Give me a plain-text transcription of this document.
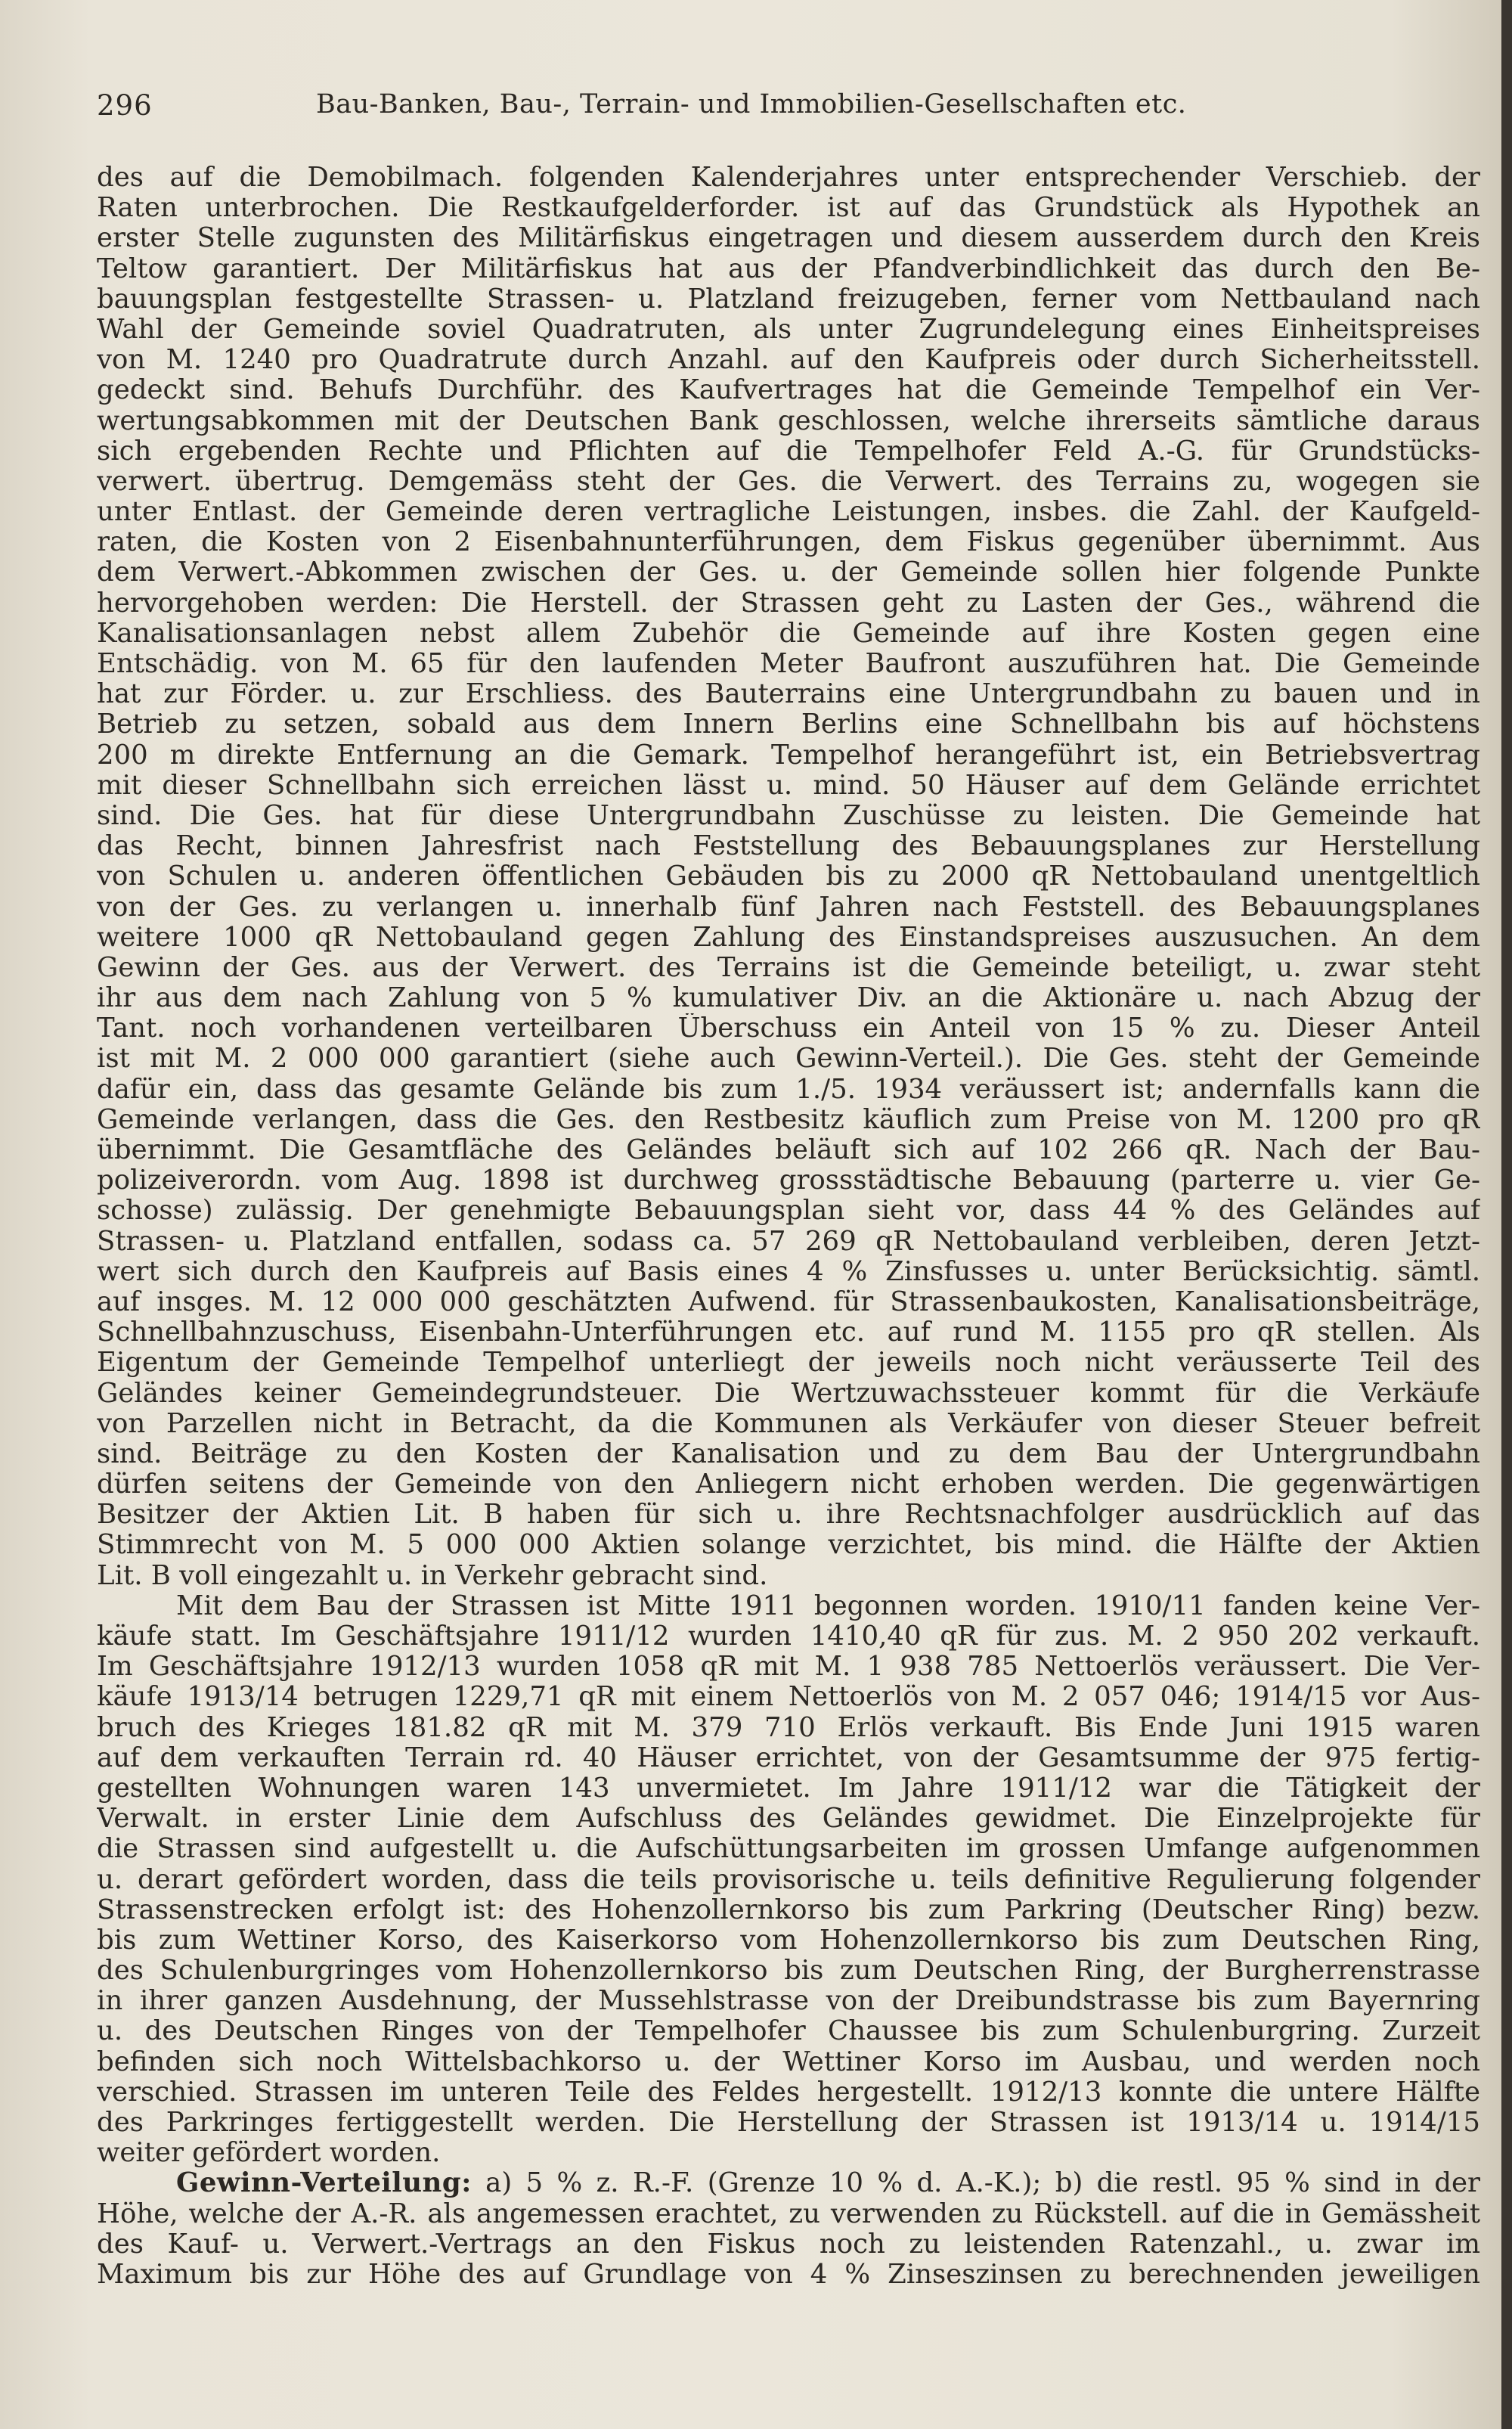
296	Bau-Banken, Bau-, Terrain- und Immobilien-Gesellschaften etc.
des auf die Demobilmach. folgenden Kalenderjahres unter entsprechender Verschieb. der
Raten unterbrochen. Die Restkaufgelderforder. ist auf das Grundstück als Hypothek an
erster Stelle zugunsten des Militärfiskus eingetragen und diesem ausserdem durch den Kreis
Teltow garantiert. Der Militärfiskus hat aus der Pfandverbindlichkeit das durch den Be-
bauungsplan festgestellte Strassen- u. Platzland freizugeben, ferner vom Nettbauland nach
Wahl der Gemeinde soviel Quadratruten, als unter Zugrundelegung eines Einheitspreises
von M. 1240 pro Quadratrute durch Anzahl. auf den Kaufpreis oder durch Sicherheitsstell.
gedeckt sind. Behufs Durchführ. des Kaufvertrages hat die Gemeinde Tempelhof ein Ver-
wertungsabkommen mit der Deutschen Bank geschlossen, welche ihrerseits sämtliche daraus
sich ergebenden Rechte und Pflichten auf die Tempelhofer Feld A.-G. für Grundstücks-
verwert. übertrug. Demgemäss steht der Ges. die Verwert. des Terrains zu, wogegen sie
unter Entlast. der Gemeinde deren vertragliche Leistungen, insbes. die Zahl. der Kaufgeld-
raten, die Kosten von 2 Eisenbahnunterführungen, dem Fiskus gegenüber übernimmt. Aus
dem Verwert.-Abkommen zwischen der Ges. u. der Gemeinde sollen hier folgende Punkte
hervorgehoben werden: Die Herstell. der Strassen geht zu Lasten der Ges., während die
Kanalisationsanlagen nebst allem Zubehör die Gemeinde auf ihre Kosten gegen eine
Entschädig. von M. 65 für den laufenden Meter Baufront auszuführen hat. Die Gemeinde
hat zur Förder. u. zur Erschliess. des Bauterrains eine Untergrundbahn zu bauen und in
Betrieb zu setzen, sobald aus dem Innern Berlins eine Schnellbahn bis auf höchstens
200 m direkte Entfernung an die Gemark. Tempelhof herangeführt ist, ein Betriebsvertrag
mit dieser Schnellbahn sich erreichen lässt u. mind. 50 Häuser auf dem Gelände errichtet
sind. Die Ges. hat für diese Untergrundbahn Zuschüsse zu leisten. Die Gemeinde hat
das Recht, binnen Jahresfrist nach Feststellung des Bebauungsplanes zur Herstellung
von Schulen u. anderen öffentlichen Gebäuden bis zu 2000 qR Nettobauland unentgeltlich
von der Ges. zu verlangen u. innerhalb fünf Jahren nach Feststell. des Bebauungsplanes
weitere 1000 qR Nettobauland gegen Zahlung des Einstandspreises auszusuchen. An dem
Gewinn der Ges. aus der Verwert. des Terrains ist die Gemeinde beteiligt, u. zwar steht
ihr aus dem nach Zahlung von 5 % kumulativer Div. an die Aktionäre u. nach Abzug der
Tant. noch vorhandenen verteilbaren Überschuss ein Anteil von 15 % zu. Dieser Anteil
ist mit M. 2 000 000 garantiert (siehe auch Gewinn-Verteil.). Die Ges. steht der Gemeinde
dafür ein, dass das gesamte Gelände bis zum 1./5. 1934 veräussert ist; andernfalls kann die
Gemeinde verlangen, dass die Ges. den Restbesitz käuflich zum Preise von M. 1200 pro qR
übernimmt. Die Gesamtfläche des Geländes beläuft sich auf 102 266 qR. Nach der Bau-
polizeiverordn. vom Aug. 1898 ist durchweg grossstädtische Bebauung (parterre u. vier Ge-
schosse) zulässig. Der genehmigte Bebauungsplan sieht vor, dass 44 % des Geländes auf
Strassen- u. Platzland entfallen, sodass ca. 57 269 qR Nettobauland verbleiben, deren Jetzt-
wert sich durch den Kaufpreis auf Basis eines 4 % Zinsfusses u. unter Berücksichtig. sämtl.
auf insges. M. 12 000 000 geschätzten Aufwend. für Strassenbaukosten, Kanalisationsbeiträge,
Schnellbahnzuschuss, Eisenbahn-Unterführungen etc. auf rund M. 1155 pro qR stellen. Als
Eigentum der Gemeinde Tempelhof unterliegt der jeweils noch nicht veräusserte Teil des
Geländes keiner Gemeindegrundsteuer. Die Wertzuwachssteuer kommt für die Verkäufe
von Parzellen nicht in Betracht, da die Kommunen als Verkäufer von dieser Steuer befreit
sind. Beiträge zu den Kosten der Kanalisation und zu dem Bau der Untergrundbahn
dürfen seitens der Gemeinde von den Anliegern nicht erhoben werden. Die gegenwärtigen
Besitzer der Aktien Lit. B haben für sich u. ihre Rechtsnachfolger ausdrücklich auf das
Stimmrecht von M. 5 000 000 Aktien solange verzichtet, bis mind. die Hälfte der Aktien
Lit. B voll eingezahlt u. in Verkehr gebracht sind.
Mit dem Bau der Strassen ist Mitte 1911 begonnen worden. 1910/11 fanden keine Ver-
käufe statt. Im Geschäftsjahre 1911/12 wurden 1410,40 qR für zus. M. 2 950 202 verkauft.
Im Geschäftsjahre 1912/13 wurden 1058 qR mit M. 1 938 785 Nettoerlös veräussert. Die Ver-
käufe 1913/14 betrugen 1229,71 qR mit einem Nettoerlös von M. 2 057 046; 1914/15 vor Aus-
bruch des Krieges 181.82 qR mit M. 379 710 Erlös verkauft. Bis Ende Juni 1915 waren
auf dem verkauften Terrain rd. 40 Häuser errichtet, von der Gesamtsumme der 975 fertig-
gestellten Wohnungen waren 143 unvermietet. Im Jahre 1911/12 war die Tätigkeit der
Verwalt. in erster Linie dem Aufschluss des Geländes gewidmet. Die Einzelprojekte für
die Strassen sind aufgestellt u. die Aufschüttungsarbeiten im grossen Umfange aufgenommen
u. derart gefördert worden, dass die teils provisorische u. teils definitive Regulierung folgender
Strassenstrecken erfolgt ist: des Hohenzollernkorso bis zum Parkring (Deutscher Ring) bezw.
bis zum Wettiner Korso, des Kaiserkorso vom Hohenzollernkorso bis zum Deutschen Ring,
des Schulenburgringes vom Hohenzollernkorso bis zum Deutschen Ring, der Burgherrenstrasse
in ihrer ganzen Ausdehnung, der Mussehlstrasse von der Dreibundstrasse bis zum Bayernring
u. des Deutschen Ringes von der Tempelhofer Chaussee bis zum Schulenburgring. Zurzeit
befinden sich noch Wittelsbachkorso u. der Wettiner Korso im Ausbau, und werden noch
verschied. Strassen im unteren Teile des Feldes hergestellt. 1912/13 konnte die untere Hälfte
des Parkringes fertiggestellt werden. Die Herstellung der Strassen ist 1913/14 u. 1914/15
weiter gefördert worden.
Gewinn-Verteilung: a) 5 % z. R.-F. (Grenze 10 % d. A.-K.); b) die restl. 95 % sind in der
Höhe, welche der A.-R. als angemessen erachtet, zu verwenden zu Rückstell. auf die in Gemässheit
des Kauf- u. Verwert.-Vertrags an den Fiskus noch zu leistenden Ratenzahl., u. zwar im
Maximum bis zur Höhe des auf Grundlage von 4 % Zinseszinsen zu berechnenden jeweiligen
